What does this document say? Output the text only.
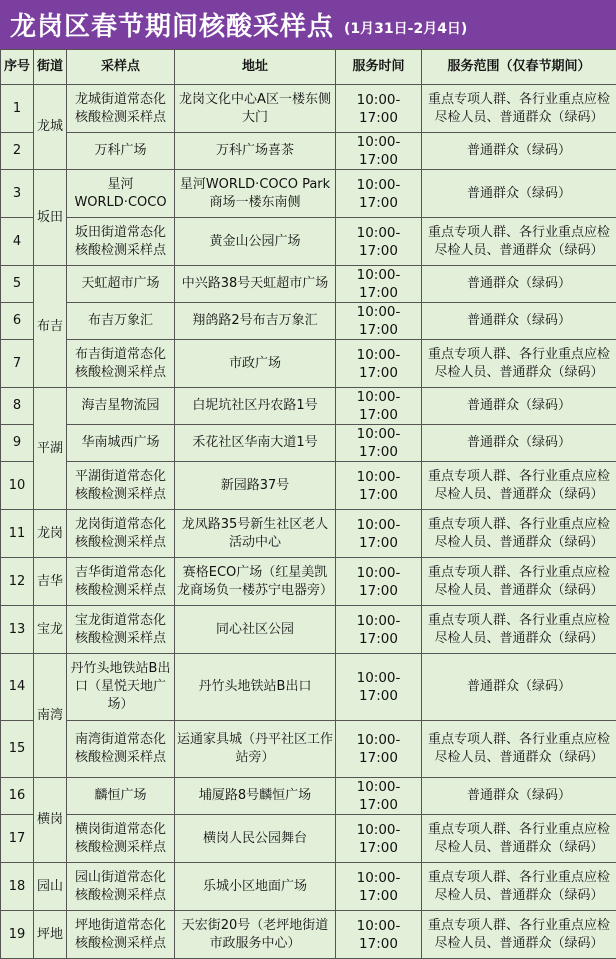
龙岗区春节期间核酸采样点 (1月31日-2月4日)
序号	街道	采样点	地址	服务时间	服务范围（仅春节期间）
1	龙城	龙城街道常态化核酸检测采样点	龙岗文化中心A区一楼东侧大门	10:00-17:00	重点专项人群、各行业重点应检尽检人员、普通群众（绿码）
2		万科广场	万科广场喜茶	10:00-17:00	普通群众（绿码）
3	坂田	星河WORLD·COCO	星河WORLD·COCO Park商场一楼东南侧	10:00-17:00	普通群众（绿码）
4		坂田街道常态化核酸检测采样点	黄金山公园广场	10:00-17:00	重点专项人群、各行业重点应检尽检人员、普通群众（绿码）
5	布吉	天虹超市广场	中兴路38号天虹超市广场	10:00-17:00	普通群众（绿码）
6		布吉万象汇	翔鸽路2号布吉万象汇	10:00-17:00	普通群众（绿码）
7		布吉街道常态化核酸检测采样点	市政广场	10:00-17:00	重点专项人群、各行业重点应检尽检人员、普通群众（绿码）
8	平湖	海吉星物流园	白坭坑社区丹农路1号	10:00-17:00	普通群众（绿码）
9		华南城西广场	禾花社区华南大道1号	10:00-17:00	普通群众（绿码）
10		平湖街道常态化核酸检测采样点	新园路37号	10:00-17:00	重点专项人群、各行业重点应检尽检人员、普通群众（绿码）
11	龙岗	龙岗街道常态化核酸检测采样点	龙凤路35号新生社区老人活动中心	10:00-17:00	重点专项人群、各行业重点应检尽检人员、普通群众（绿码）
12	吉华	吉华街道常态化核酸检测采样点	赛格ECO广场（红星美凯龙商场负一楼苏宁电器旁）	10:00-17:00	重点专项人群、各行业重点应检尽检人员、普通群众（绿码）
13	宝龙	宝龙街道常态化核酸检测采样点	同心社区公园	10:00-17:00	重点专项人群、各行业重点应检尽检人员、普通群众（绿码）
14	南湾	丹竹头地铁站B出口（星悦天地广场）	丹竹头地铁站B出口	10:00-17:00	普通群众（绿码）
15		南湾街道常态化核酸检测采样点	运通家具城（丹平社区工作站旁）	10:00-17:00	重点专项人群、各行业重点应检尽检人员、普通群众（绿码）
16	横岗	麟恒广场	埔厦路8号麟恒广场	10:00-17:00	普通群众（绿码）
17		横岗街道常态化核酸检测采样点	横岗人民公园舞台	10:00-17:00	重点专项人群、各行业重点应检尽检人员、普通群众（绿码）
18	园山	园山街道常态化核酸检测采样点	乐城小区地面广场	10:00-17:00	重点专项人群、各行业重点应检尽检人员、普通群众（绿码）
19	坪地	坪地街道常态化核酸检测采样点	天宏街20号（老坪地街道市政服务中心）	10:00-17:00	重点专项人群、各行业重点应检尽检人员、普通群众（绿码）
